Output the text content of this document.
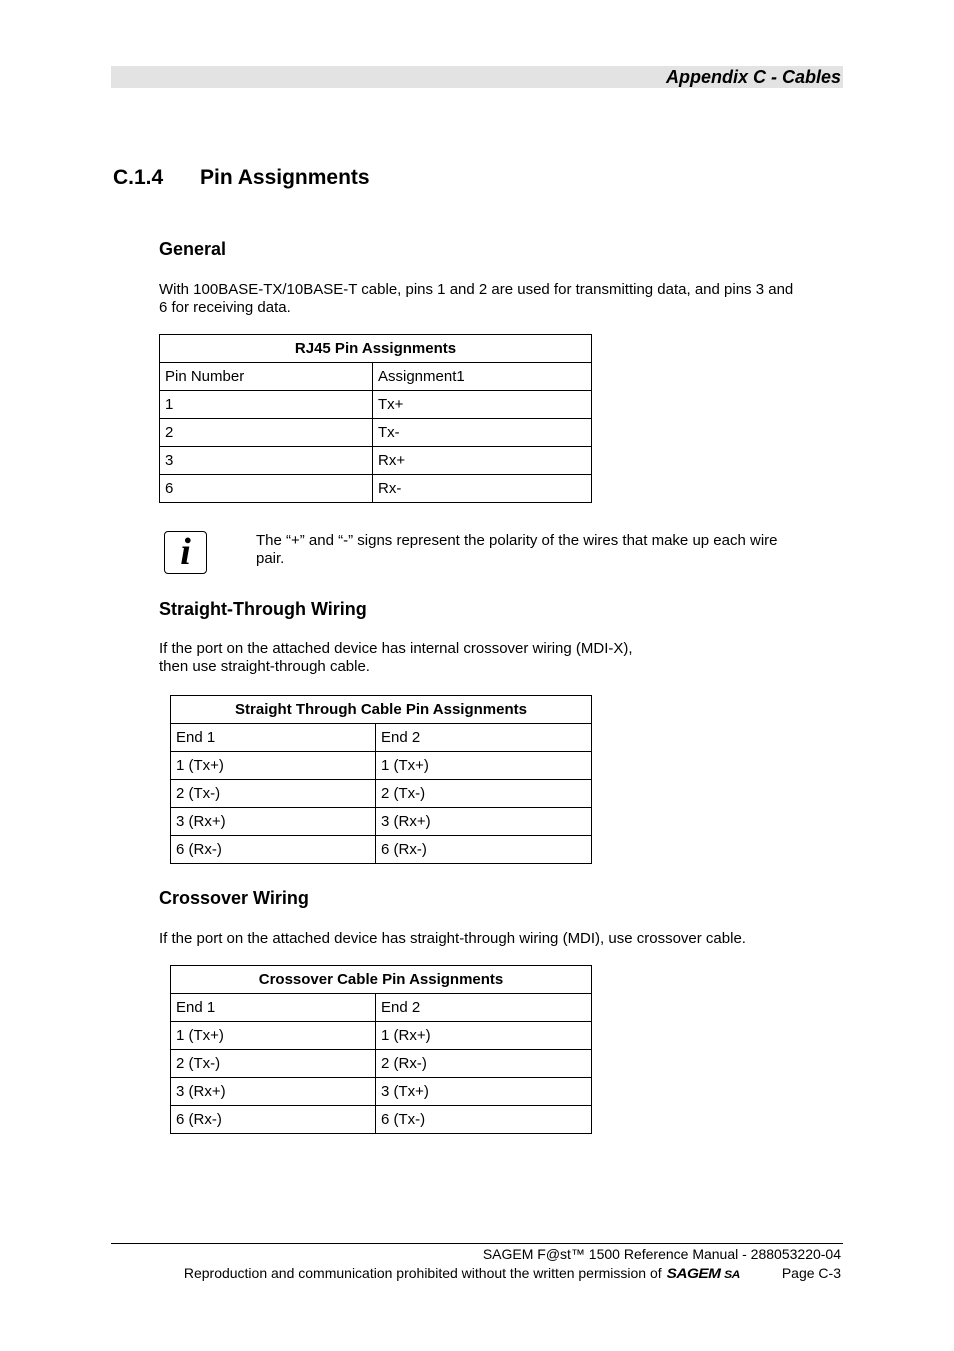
Appendix C - Cables
C.1.4 Pin Assignments
General
With 100BASE-TX/10BASE-T cable, pins 1 and 2 are used for transmitting data, and pins 3 and
6 for receiving data.
RJ45 Pin Assignments	
Pin Number	Assignment1
1	Tx+
2	Tx-
3	Rx+
6	Rx-
i	The “+” and “-” signs represent the polarity of the wires that make up each wire
pair.
Straight-Through Wiring
If the port on the attached device has internal crossover wiring (MDI-X),
then use straight-through cable.
Straight Through Cable Pin Assignments	
End 1	End 2
1 (Tx+)	1 (Tx+)
2 (Tx-)	2 (Tx-)
3 (Rx+)	3 (Rx+)
6 (Rx-)	6 (Rx-)
Crossover Wiring
If the port on the attached device has straight-through wiring (MDI), use crossover cable.
Crossover Cable Pin Assignments	
End 1	End 2
1 (Tx+)	1 (Rx+)
2 (Tx-)	2 (Rx-)
3 (Rx+)	3 (Tx+)
6 (Rx-)	6 (Tx-)
SAGEM F@st™ 1500 Reference Manual - 288053220-04
Reproduction and communication prohibited without the written permission of SAGEM SA	Page C-3
